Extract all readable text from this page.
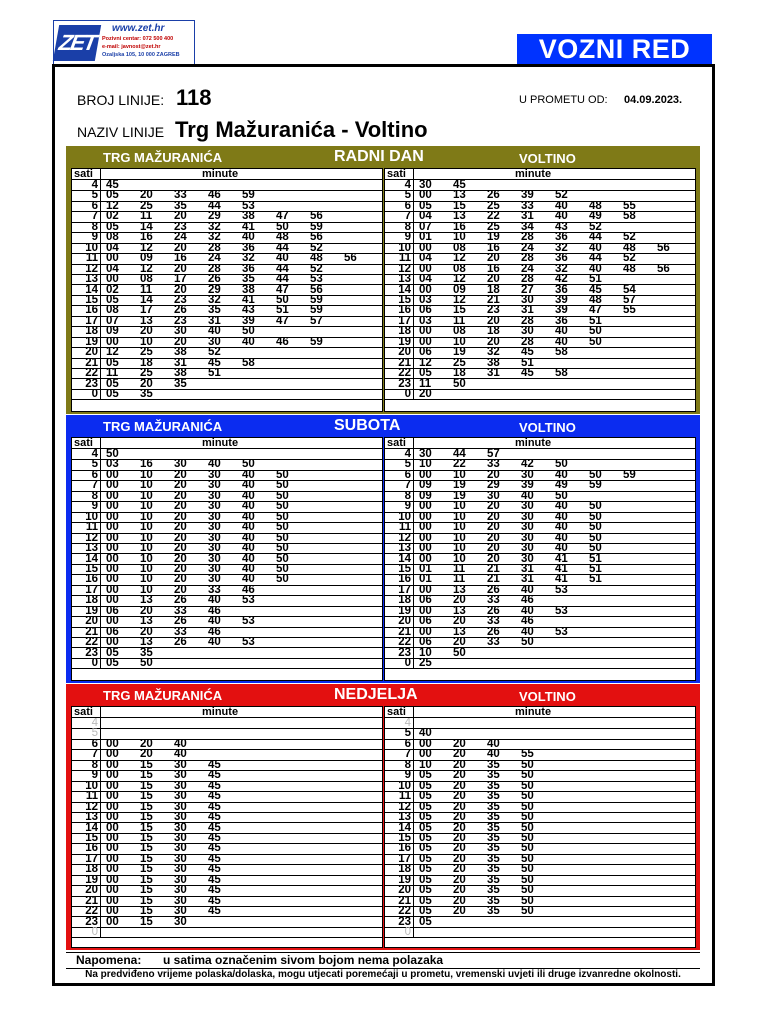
ZET
www.zet.hr
Pozivni centar: 072 500 400
e-mail: javnost@zet.hr
Ozaljska 105, 10 000 ZAGREB	VOZNI RED
BROJ LINIJE: 118
NAZIV LINIJE Trg Mažuranića - Voltino
U PROMETU OD: 04.09.2023.
TRG MAŽURANIĆA	RADNI DAN	VOLTINO
sati	minute
4 45
5 05 20 33 46 59
6 12 25 35 44 53
7 02 11 20 29 38 47 56
8 05 14 23 32 41 50 59
9 08 16 24 32 40 48 56
10 04 12 20 28 36 44 52
11 00 09 16 24 32 40 48 56
12 04 12 20 28 36 44 52
13 00 08 17 26 35 44 53
14 02 11 20 29 38 47 56
15 05 14 23 32 41 50 59
16 08 17 26 35 43 51 59
17 07 13 23 31 39 47 57
18 09 20 30 40 50
19 00 10 20 30 40 46 59
20 12 25 38 52
21 05 18 31 45 58
22 11 25 38 51
23 05 20 35
0 05 35
sati	minute
4 30 45
5 00 13 26 39 52
6 05 15 25 33 40 48 55
7 04 13 22 31 40 49 58
8 07 16 25 34 43 52
9 01 10 19 28 36 44 52
10 00 08 16 24 32 40 48 56
11 04 12 20 28 36 44 52
12 00 08 16 24 32 40 48 56
13 04 12 20 28 42 51
14 00 09 18 27 36 45 54
15 03 12 21 30 39 48 57
16 06 15 23 31 39 47 55
17 03 11 20 28 36 51
18 00 08 18 30 40 50
19 00 10 20 28 40 50
20 06 19 32 45 58
21 12 25 38 51
22 05 18 31 45 58
23 11 50
0 20
TRG MAŽURANIĆA	SUBOTA	VOLTINO
sati	minute
4 50
5 03 16 30 40 50
6 00 10 20 30 40 50
7 00 10 20 30 40 50
8 00 10 20 30 40 50
9 00 10 20 30 40 50
10 00 10 20 30 40 50
11 00 10 20 30 40 50
12 00 10 20 30 40 50
13 00 10 20 30 40 50
14 00 10 20 30 40 50
15 00 10 20 30 40 50
16 00 10 20 30 40 50
17 00 10 20 33 46
18 00 13 26 40 53
19 06 20 33 46
20 00 13 26 40 53
21 06 20 33 46
22 00 13 26 40 53
23 05 35
0 05 50
sati	minute
4 30 44 57
5 10 22 33 42 50
6 00 10 20 30 40 50 59
7 09 19 29 39 49 59
8 09 19 30 40 50
9 00 10 20 30 40 50
10 00 10 20 30 40 50
11 00 10 20 30 40 50
12 00 10 20 30 40 50
13 00 10 20 30 40 50
14 00 10 20 30 41 51
15 01 11 21 31 41 51
16 01 11 21 31 41 51
17 00 13 26 40 53
18 06 20 33 46
19 00 13 26 40 53
20 06 20 33 46
21 00 13 26 40 53
22 06 20 33 50
23 10 50
0 25
TRG MAŽURANIĆA	NEDJELJA	VOLTINO
sati	minute
4
5
6 00 20 40
7 00 20 40
8 00 15 30 45
9 00 15 30 45
10 00 15 30 45
11 00 15 30 45
12 00 15 30 45
13 00 15 30 45
14 00 15 30 45
15 00 15 30 45
16 00 15 30 45
17 00 15 30 45
18 00 15 30 45
19 00 15 30 45
20 00 15 30 45
21 00 15 30 45
22 00 15 30 45
23 00 15 30
0
sati	minute
4
5 40
6 00 20 40
7 00 20 40 55
8 10 20 35 50
9 05 20 35 50
10 05 20 35 50
11 05 20 35 50
12 05 20 35 50
13 05 20 35 50
14 05 20 35 50
15 05 20 35 50
16 05 20 35 50
17 05 20 35 50
18 05 20 35 50
19 05 20 35 50
20 05 20 35 50
21 05 20 35 50
22 05 20 35 50
23 05
0
Napomena: u satima označenim sivom bojom nema polazaka
Na predviđeno vrijeme polaska/dolaska, mogu utjecati poremećaji u prometu, vremenski uvjeti ili druge izvanredne okolnosti.
